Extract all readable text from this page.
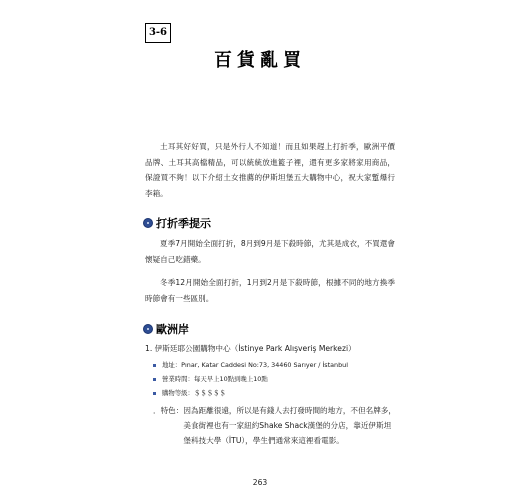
3-6
百貨亂買
土耳其好好買，只是外行人不知道！而且如果趕上打折季，歐洲平價品牌、土耳其高檔精品，可以統統放進籃子裡，還有更多家將家用商品，保證買不夠！以下介紹土女推薦的伊斯坦堡五大購物中心，祝大家蹔爆行李箱。
打折季提示
夏季7月開始全面打折，8月到9月是下殺時節，尤其是成衣，不買還會懷疑自己吃錯藥。
冬季12月開始全面打折，1月到2月是下殺時節，根據不同的地方換季時節會有一些區別。
歐洲岸
1. 伊斯廷耶公園購物中心（İstinye Park Alışveriş Merkezi）
地址：Pınar, Katar Caddesi No:73, 34460 Sarıyer / İstanbul
營業時間：每天早上10點到晚上10點
購物等級：＄＄＄＄＄
．特色： 因為距離很遠，所以是有錢人去打發時間的地方，不但名牌多，美食街裡也有一家紐約Shake Shack漢堡的分店，靠近伊斯坦堡科技大學（İTU），學生們通常來這裡看電影。
263
